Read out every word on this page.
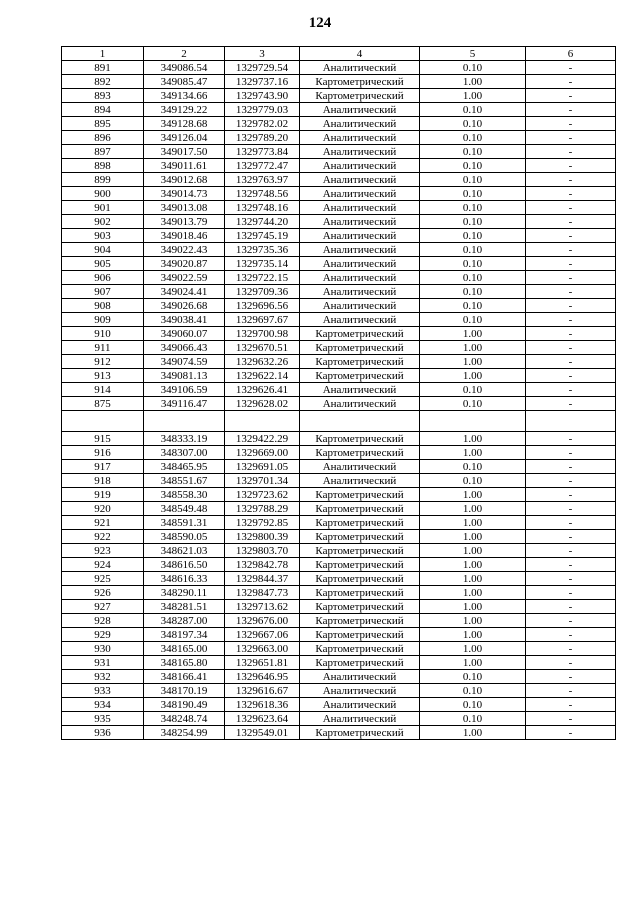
124
1	2	3	4	5	6
891	349086.54	1329729.54	Аналитический	0.10	-
892	349085.47	1329737.16	Картометрический	1.00	-
893	349134.66	1329743.90	Картометрический	1.00	-
894	349129.22	1329779.03	Аналитический	0.10	-
895	349128.68	1329782.02	Аналитический	0.10	-
896	349126.04	1329789.20	Аналитический	0.10	-
897	349017.50	1329773.84	Аналитический	0.10	-
898	349011.61	1329772.47	Аналитический	0.10	-
899	349012.68	1329763.97	Аналитический	0.10	-
900	349014.73	1329748.56	Аналитический	0.10	-
901	349013.08	1329748.16	Аналитический	0.10	-
902	349013.79	1329744.20	Аналитический	0.10	-
903	349018.46	1329745.19	Аналитический	0.10	-
904	349022.43	1329735.36	Аналитический	0.10	-
905	349020.87	1329735.14	Аналитический	0.10	-
906	349022.59	1329722.15	Аналитический	0.10	-
907	349024.41	1329709.36	Аналитический	0.10	-
908	349026.68	1329696.56	Аналитический	0.10	-
909	349038.41	1329697.67	Аналитический	0.10	-
910	349060.07	1329700.98	Картометрический	1.00	-
911	349066.43	1329670.51	Картометрический	1.00	-
912	349074.59	1329632.26	Картометрический	1.00	-
913	349081.13	1329622.14	Картометрический	1.00	-
914	349106.59	1329626.41	Аналитический	0.10	-
875	349116.47	1329628.02	Аналитический	0.10	-

915	348333.19	1329422.29	Картометрический	1.00	-
916	348307.00	1329669.00	Картометрический	1.00	-
917	348465.95	1329691.05	Аналитический	0.10	-
918	348551.67	1329701.34	Аналитический	0.10	-
919	348558.30	1329723.62	Картометрический	1.00	-
920	348549.48	1329788.29	Картометрический	1.00	-
921	348591.31	1329792.85	Картометрический	1.00	-
922	348590.05	1329800.39	Картометрический	1.00	-
923	348621.03	1329803.70	Картометрический	1.00	-
924	348616.50	1329842.78	Картометрический	1.00	-
925	348616.33	1329844.37	Картометрический	1.00	-
926	348290.11	1329847.73	Картометрический	1.00	-
927	348281.51	1329713.62	Картометрический	1.00	-
928	348287.00	1329676.00	Картометрический	1.00	-
929	348197.34	1329667.06	Картометрический	1.00	-
930	348165.00	1329663.00	Картометрический	1.00	-
931	348165.80	1329651.81	Картометрический	1.00	-
932	348166.41	1329646.95	Аналитический	0.10	-
933	348170.19	1329616.67	Аналитический	0.10	-
934	348190.49	1329618.36	Аналитический	0.10	-
935	348248.74	1329623.64	Аналитический	0.10	-
936	348254.99	1329549.01	Картометрический	1.00	-
